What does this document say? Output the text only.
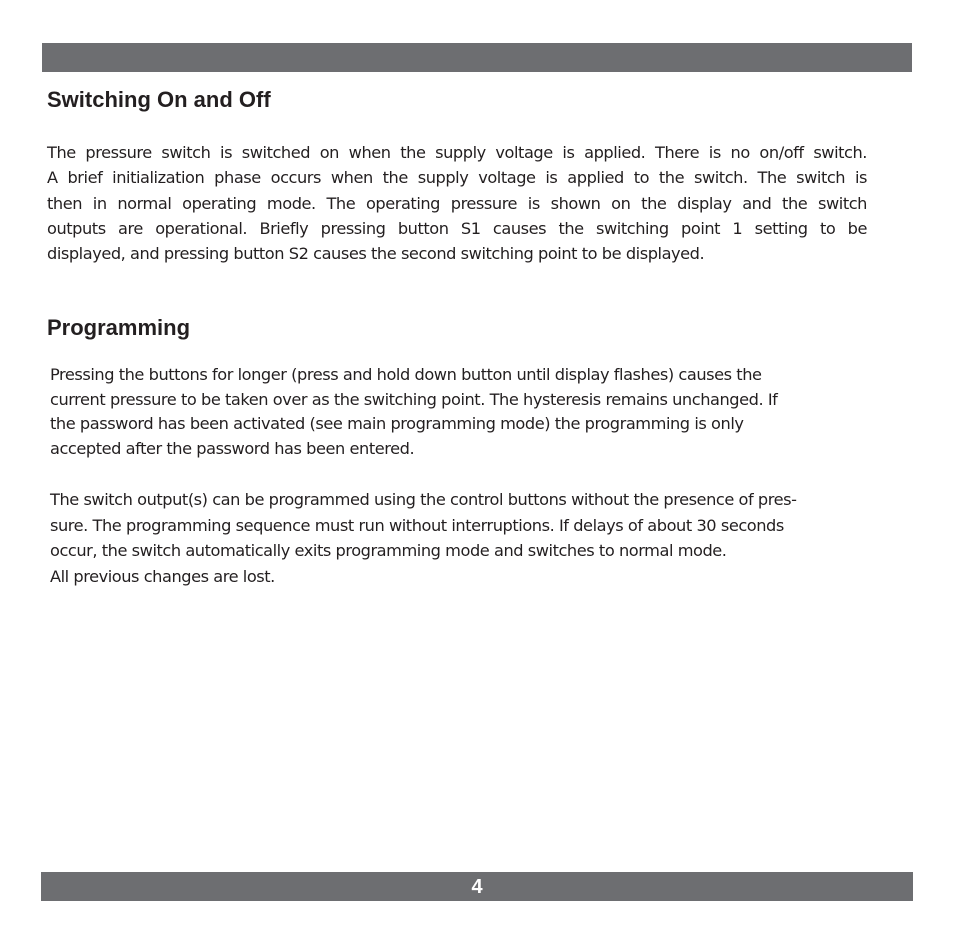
Switching On and Off
The pressure switch is switched on when the supply voltage is applied. There is no on/off switch.
A brief initialization phase occurs when the supply voltage is applied to the switch. The switch is
then in normal operating mode. The operating pressure is shown on the display and the switch
outputs are operational. Briefly pressing button S1 causes the switching point 1 setting to be
displayed, and pressing button S2 causes the second switching point to be displayed.
Programming
Pressing the buttons for longer (press and hold down button until display flashes) causes the
current pressure to be taken over as the switching point. The hysteresis remains unchanged. If
the password has been activated (see main programming mode) the programming is only
accepted after the password has been entered.
The switch output(s) can be programmed using the control buttons without the presence of pres-
sure. The programming sequence must run without interruptions. If delays of about 30 seconds
occur, the switch automatically exits programming mode and switches to normal mode.
All previous changes are lost.
4
